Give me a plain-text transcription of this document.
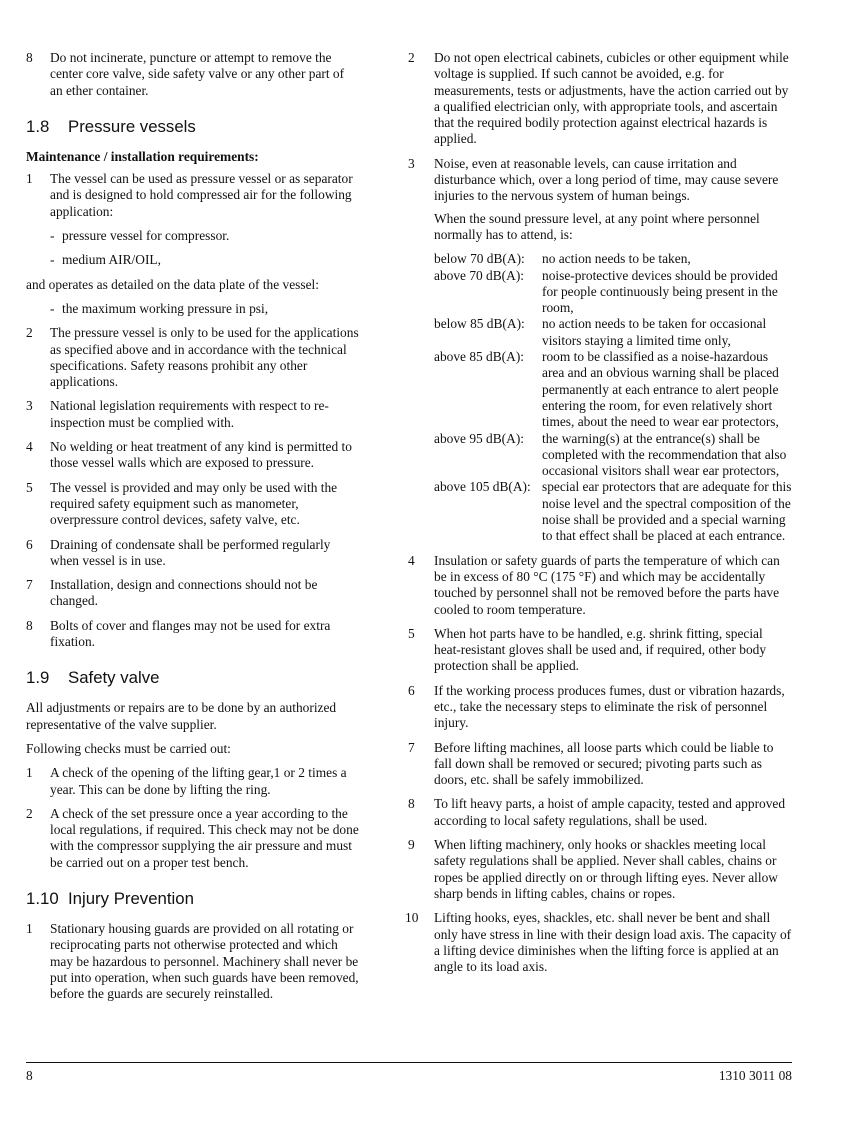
8 Do not incinerate, puncture or attempt to remove the center core valve, side safety valve or any other part of an ether container.
1.8 Pressure vessels
Maintenance / installation requirements:
1 The vessel can be used as pressure vessel or as separator and is designed to hold compressed air for the following application:
- pressure vessel for compressor.
- medium AIR/OIL,

and operates as detailed on the data plate of the vessel:

- the maximum working pressure in psi,
2 The pressure vessel is only to be used for the applications as specified above and in accordance with the technical specifications. Safety reasons prohibit any other applications.
3 National legislation requirements with respect to re-inspection must be complied with.
4 No welding or heat treatment of any kind is permitted to those vessel walls which are exposed to pressure.
5 The vessel is provided and may only be used with the required safety equipment such as manometer, overpressure control devices, safety valve, etc.
6 Draining of condensate shall be performed regularly when vessel is in use.
7 Installation, design and connections should not be changed.
8 Bolts of cover and flanges may not be used for extra fixation.
1.9 Safety valve

All adjustments or repairs are to be done by an authorized representative of the valve supplier.

Following checks must be carried out:

1 A check of the opening of the lifting gear,1 or 2 times a year. This can be done by lifting the ring.
2 A check of the set pressure once a year according to the local regulations, if required. This check may not be done with the compressor supplying the air pressure and must be carried out on a proper test bench.
1.10 Injury Prevention
1 Stationary housing guards are provided on all rotating or reciprocating parts not otherwise protected and which may be hazardous to personnel. Machinery shall never be put into operation, when such guards have been removed, before the guards are securely reinstalled.
2 Do not open electrical cabinets, cubicles or other equipment while voltage is supplied. If such cannot be avoided, e.g. for measurements, tests or adjustments, have the action carried out by a qualified electrician only, with appropriate tools, and ascertain that the required bodily protection against electrical hazards is applied.
3 Noise, even at reasonable levels, can cause irritation and disturbance which, over a long period of time, may cause severe injuries to the nervous system of human beings.

When the sound pressure level, at any point where personnel normally has to attend, is:

below 70 dB(A):	no action needs to be taken,
above 70 dB(A):	noise-protective devices should be provided for people continuously being present in the room,
below 85 dB(A):	no action needs to be taken for occasional visitors staying a limited time only,
above 85 dB(A):	room to be classified as a noise-hazardous area and an obvious warning shall be placed permanently at each entrance to alert people entering the room, for even relatively short times, about the need to wear ear protectors,
above 95 dB(A):	the warning(s) at the entrance(s) shall be completed with the recommendation that also occasional visitors shall wear ear protectors,
above 105 dB(A): special ear protectors that are adequate for this noise level and the spectral composition of the noise shall be provided and a special warning to that effect shall be placed at each entrance.
4 Insulation or safety guards of parts the temperature of which can be in excess of 80 °C (175 °F) and which may be accidentally touched by personnel shall not be removed before the parts have cooled to room temperature.
5 When hot parts have to be handled, e.g. shrink fitting, special heat-resistant gloves shall be used and, if required, other body protection shall be applied.
6 If the working process produces fumes, dust or vibration hazards, etc., take the necessary steps to eliminate the risk of personnel injury.
7 Before lifting machines, all loose parts which could be liable to fall down shall be removed or secured; pivoting parts such as doors, etc. shall be safely immobilized.
8 To lift heavy parts, a hoist of ample capacity, tested and approved according to local safety regulations, shall be used.
9 When lifting machinery, only hooks or shackles meeting local safety regulations shall be applied. Never shall cables, chains or ropes be applied directly on or through lifting eyes. Never allow sharp bends in lifting cables, chains or ropes.
10 Lifting hooks, eyes, shackles, etc. shall never be bent and shall only have stress in line with their design load axis. The capacity of a lifting device diminishes when the lifting force is applied at an angle to its load axis.
8	1310 3011 08
